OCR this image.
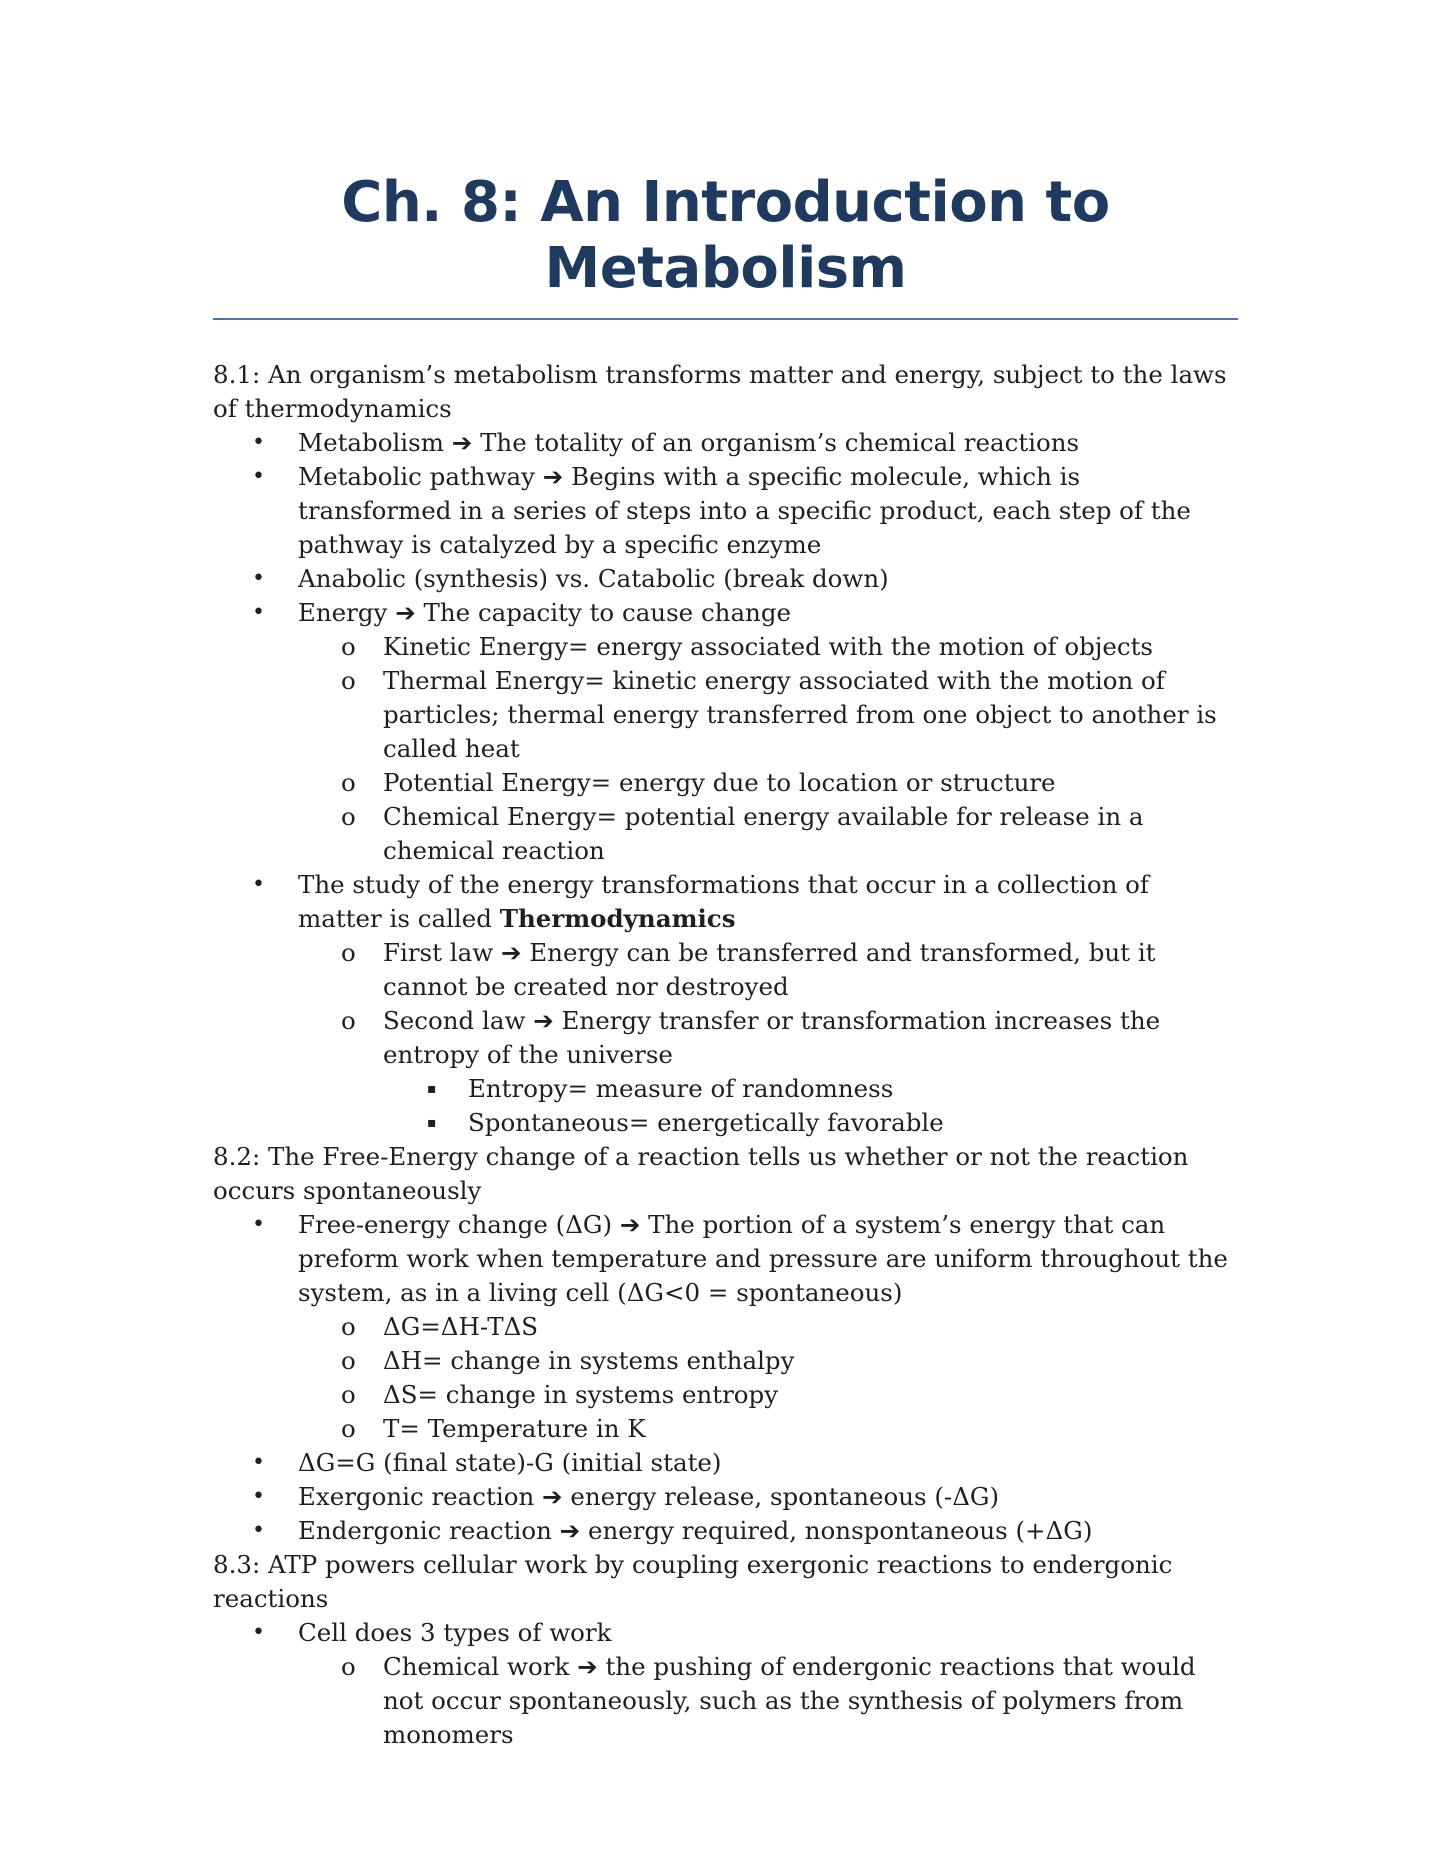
Ch. 8: An Introduction to Metabolism

8.1: An organism’s metabolism transforms matter and energy, subject to the laws of thermodynamics

• Metabolism ➔ The totality of an organism’s chemical reactions
• Metabolic pathway ➔ Begins with a specific molecule, which is transformed in a series of steps into a specific product, each step of the pathway is catalyzed by a specific enzyme
• Anabolic (synthesis) vs. Catabolic (break down)
• Energy ➔ The capacity to cause change
o Kinetic Energy= energy associated with the motion of objects
o Thermal Energy= kinetic energy associated with the motion of particles; thermal energy transferred from one object to another is called heat
o Potential Energy= energy due to location or structure
o Chemical Energy= potential energy available for release in a chemical reaction
• The study of the energy transformations that occur in a collection of matter is called Thermodynamics
o First law ➔ Energy can be transferred and transformed, but it cannot be created nor destroyed
o Second law ➔ Energy transfer or transformation increases the entropy of the universe
▪ Entropy= measure of randomness
▪ Spontaneous= energetically favorable

8.2: The Free-Energy change of a reaction tells us whether or not the reaction occurs spontaneously

• Free-energy change (ΔG) ➔ The portion of a system’s energy that can preform work when temperature and pressure are uniform throughout the system, as in a living cell (ΔG<0 = spontaneous)
o ΔG=ΔH-TΔS
o ΔH= change in systems enthalpy
o ΔS= change in systems entropy
o T= Temperature in K
• ΔG=G (final state)-G (initial state)
• Exergonic reaction ➔ energy release, spontaneous (-ΔG)
• Endergonic reaction ➔ energy required, nonspontaneous (+ΔG)

8.3: ATP powers cellular work by coupling exergonic reactions to endergonic reactions

• Cell does 3 types of work
o Chemical work ➔ the pushing of endergonic reactions that would not occur spontaneously, such as the synthesis of polymers from monomers
